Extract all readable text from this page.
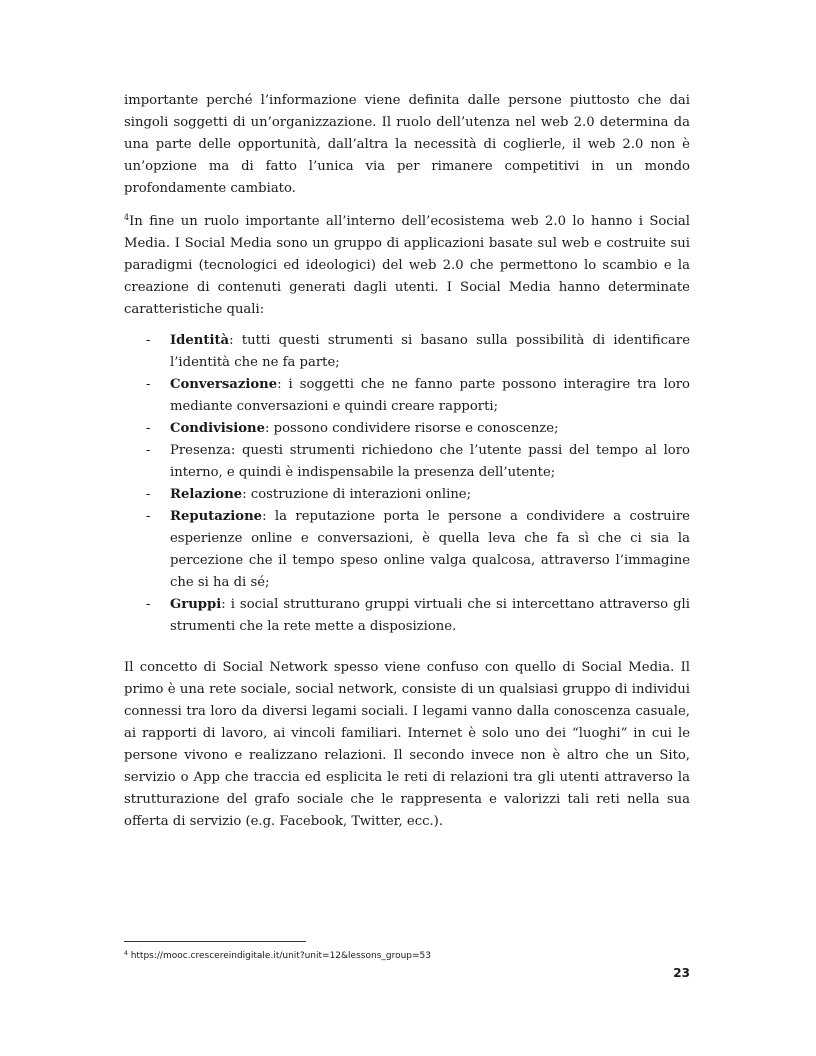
importante perché l’informazione viene definita dalle persone piuttosto che dai singoli soggetti di un’organizzazione. Il ruolo dell’utenza nel web 2.0 determina da una parte delle opportunità, dall’altra la necessità di coglierle, il web 2.0 non è un’opzione ma di fatto l’unica via per rimanere competitivi in un mondo profondamente cambiato.

$^4$In fine un ruolo importante all’interno dell’ecosistema web 2.0 lo hanno i Social Media. I Social Media sono un gruppo di applicazioni basate sul web e costruite sui paradigmi (tecnologici ed ideologici) del web 2.0 che permettono lo scambio e la creazione di contenuti generati dagli utenti. I Social Media hanno determinate caratteristiche quali:

- Identità: tutti questi strumenti si basano sulla possibilità di identificare l’identità che ne fa parte;
- Conversazione: i soggetti che ne fanno parte possono interagire tra loro mediante conversazioni e quindi creare rapporti;
- Condivisione: possono condividere risorse e conoscenze;
- Presenza: questi strumenti richiedono che l’utente passi del tempo al loro interno, e quindi è indispensabile la presenza dell’utente;
- Relazione: costruzione di interazioni online;
- Reputazione: la reputazione porta le persone a condividere a costruire esperienze online e conversazioni, è quella leva che fa sì che ci sia la percezione che il tempo speso online valga qualcosa, attraverso l’immagine che si ha di sé;
- Gruppi: i social strutturano gruppi virtuali che si intercettano attraverso gli strumenti che la rete mette a disposizione.

Il concetto di Social Network spesso viene confuso con quello di Social Media. Il primo è una rete sociale, social network, consiste di un qualsiasi gruppo di individui connessi tra loro da diversi legami sociali. I legami vanno dalla conoscenza casuale, ai rapporti di lavoro, ai vincoli familiari. Internet è solo uno dei “luoghi” in cui le persone vivono e realizzano relazioni. Il secondo invece non è altro che un Sito, servizio o App che traccia ed esplicita le reti di relazioni tra gli utenti attraverso la strutturazione del grafo sociale che le rappresenta e valorizzi tali reti nella sua offerta di servizio (e.g. Facebook, Twitter, ecc.).

$^4$ https://mooc.crescereindigitale.it/unit?unit=12&lessons_group=53
23
